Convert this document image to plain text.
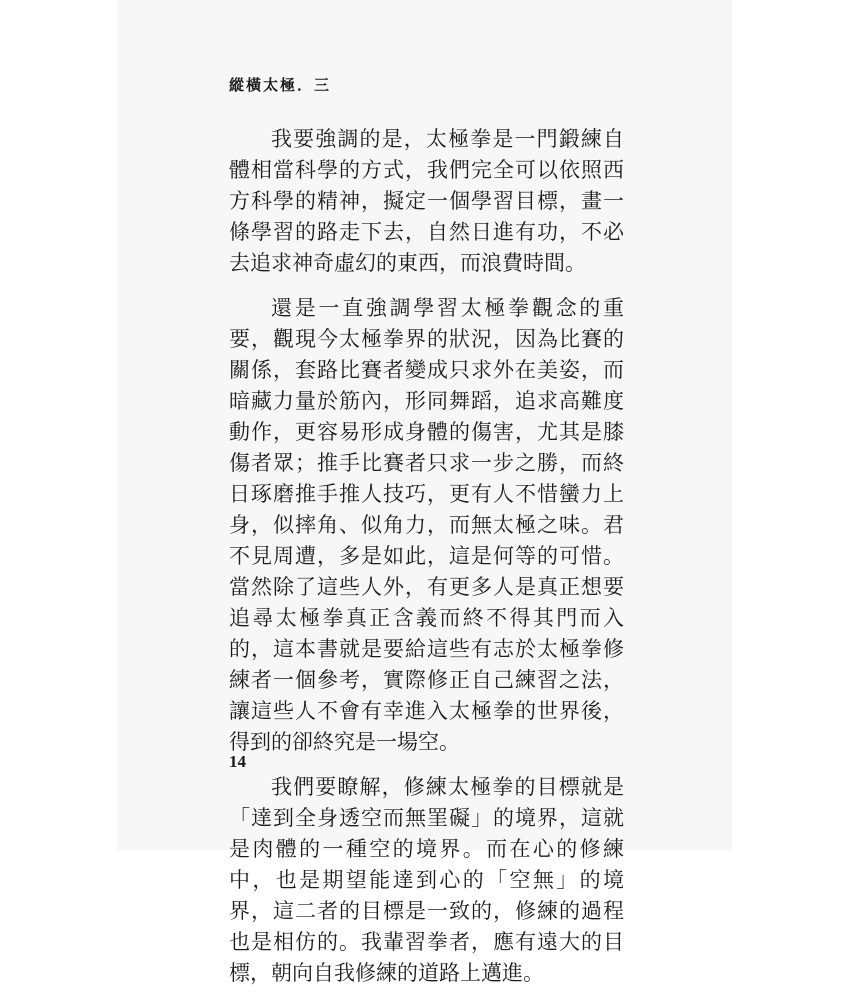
縱橫太極．三

我要強調的是，太極拳是一門鍛練自體相當科學的方式，我們完全可以依照西方科學的精神，擬定一個學習目標，畫一條學習的路走下去，自然日進有功，不必去追求神奇虛幻的東西，而浪費時間。

還是一直強調學習太極拳觀念的重要，觀現今太極拳界的狀況，因為比賽的關係，套路比賽者變成只求外在美姿，而暗藏力量於筋內，形同舞蹈，追求高難度動作，更容易形成身體的傷害，尤其是膝傷者眾；推手比賽者只求一步之勝，而終日琢磨推手推人技巧，更有人不惜蠻力上身，似摔角、似角力，而無太極之味。君不見周遭，多是如此，這是何等的可惜。當然除了這些人外，有更多人是真正想要追尋太極拳真正含義而終不得其門而入的，這本書就是要給這些有志於太極拳修練者一個參考，實際修正自己練習之法，讓這些人不會有幸進入太極拳的世界後，得到的卻終究是一場空。

我們要瞭解，修練太極拳的目標就是「達到全身透空而無罣礙」的境界，這就是肉體的一種空的境界。而在心的修練中，也是期望能達到心的「空無」的境界，這二者的目標是一致的，修練的過程也是相仿的。我輩習拳者，應有遠大的目標，朝向自我修練的道路上邁進。

14
